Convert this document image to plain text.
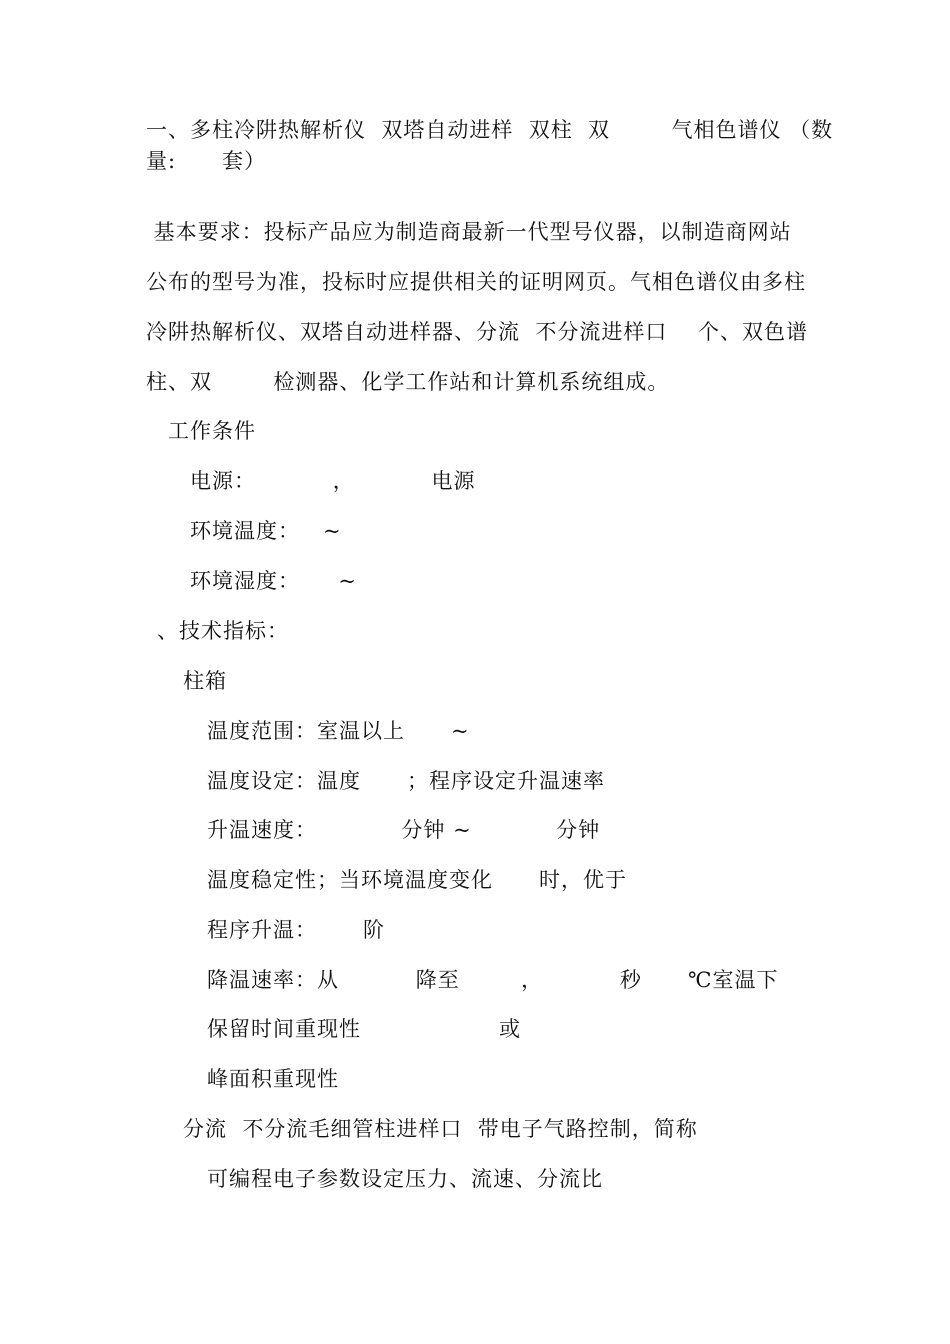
一、多柱冷阱热解析仪  双塔自动进样  双柱  双        气相色谱仪 （数
量:      套）
基本要求：投标产品应为制造商最新一代型号仪器，以制造商网站
公布的型号为准，投标时应提供相关的证明网页。气相色谱仪由多柱
冷阱热解析仪、双塔自动进样器、分流  不分流进样口    个、双色谱
柱、双        检测器、化学工作站和计算机系统组成。
工作条件
电源：          ，          电源
环境温度：   ~
环境湿度：     ~
、技术指标：
柱箱
温度范围：室温以上      ~
温度设定：温度      ；程序设定升温速率
升温速度：           分钟 ~           分钟
温度稳定性；当环境温度变化      时，优于
程序升温：      阶
降温速率：从          降至        ，          秒      ℃室温下
保留时间重现性                  或
峰面积重现性
分流  不分流毛细管柱进样口  带电子气路控制，简称
可编程电子参数设定压力、流速、分流比
